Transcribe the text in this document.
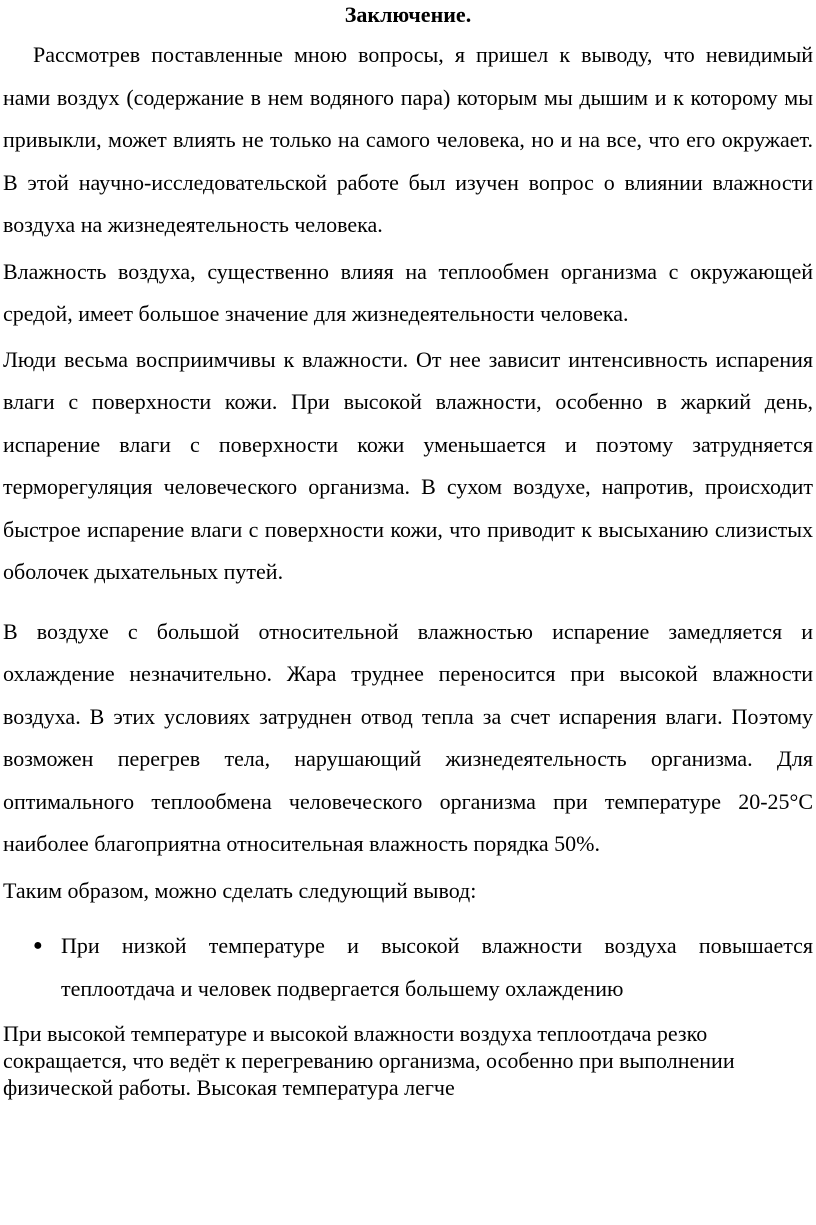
Заключение.

Рассмотрев поставленные мною вопросы, я пришел к выводу, что невидимый нами воздух (содержание в нем водяного пара) которым мы дышим и к которому мы привыкли, может влиять не только на самого человека, но и на все, что его окружает. В этой научно-исследовательской работе был изучен вопрос о влиянии влажности воздуха на жизнедеятельность человека.

Влажность воздуха, существенно влияя на теплообмен организма с окружающей средой, имеет большое значение для жизнедеятельности человека.

Люди весьма восприимчивы к влажности. От нее зависит интенсивность испарения влаги с поверхности кожи. При высокой влажности, особенно в жаркий день, испарение влаги с поверхности кожи уменьшается и поэтому затрудняется терморегуляция человеческого организма. В сухом воздухе, напротив, происходит быстрое испарение влаги с поверхности кожи, что приводит к высыханию слизистых оболочек дыхательных путей.

В воздухе с большой относительной влажностью испарение замедляется и охлаждение незначительно. Жара труднее переносится при высокой влажности воздуха. В этих условиях затруднен отвод тепла за счет испарения влаги. Поэтому возможен перегрев тела, нарушающий жизнедеятельность организма. Для оптимального теплообмена человеческого организма при температуре 20-25°С наиболее благоприятна относительная влажность порядка 50%.

Таким образом, можно сделать следующий вывод:

● При низкой температуре и высокой влажности воздуха повышается теплоотдача и человек подвергается большему охлаждению

При высокой температуре и высокой влажности воздуха теплоотдача резко сокращается, что ведёт к перегреванию организма, особенно при выполнении физической работы. Высокая температура легче
